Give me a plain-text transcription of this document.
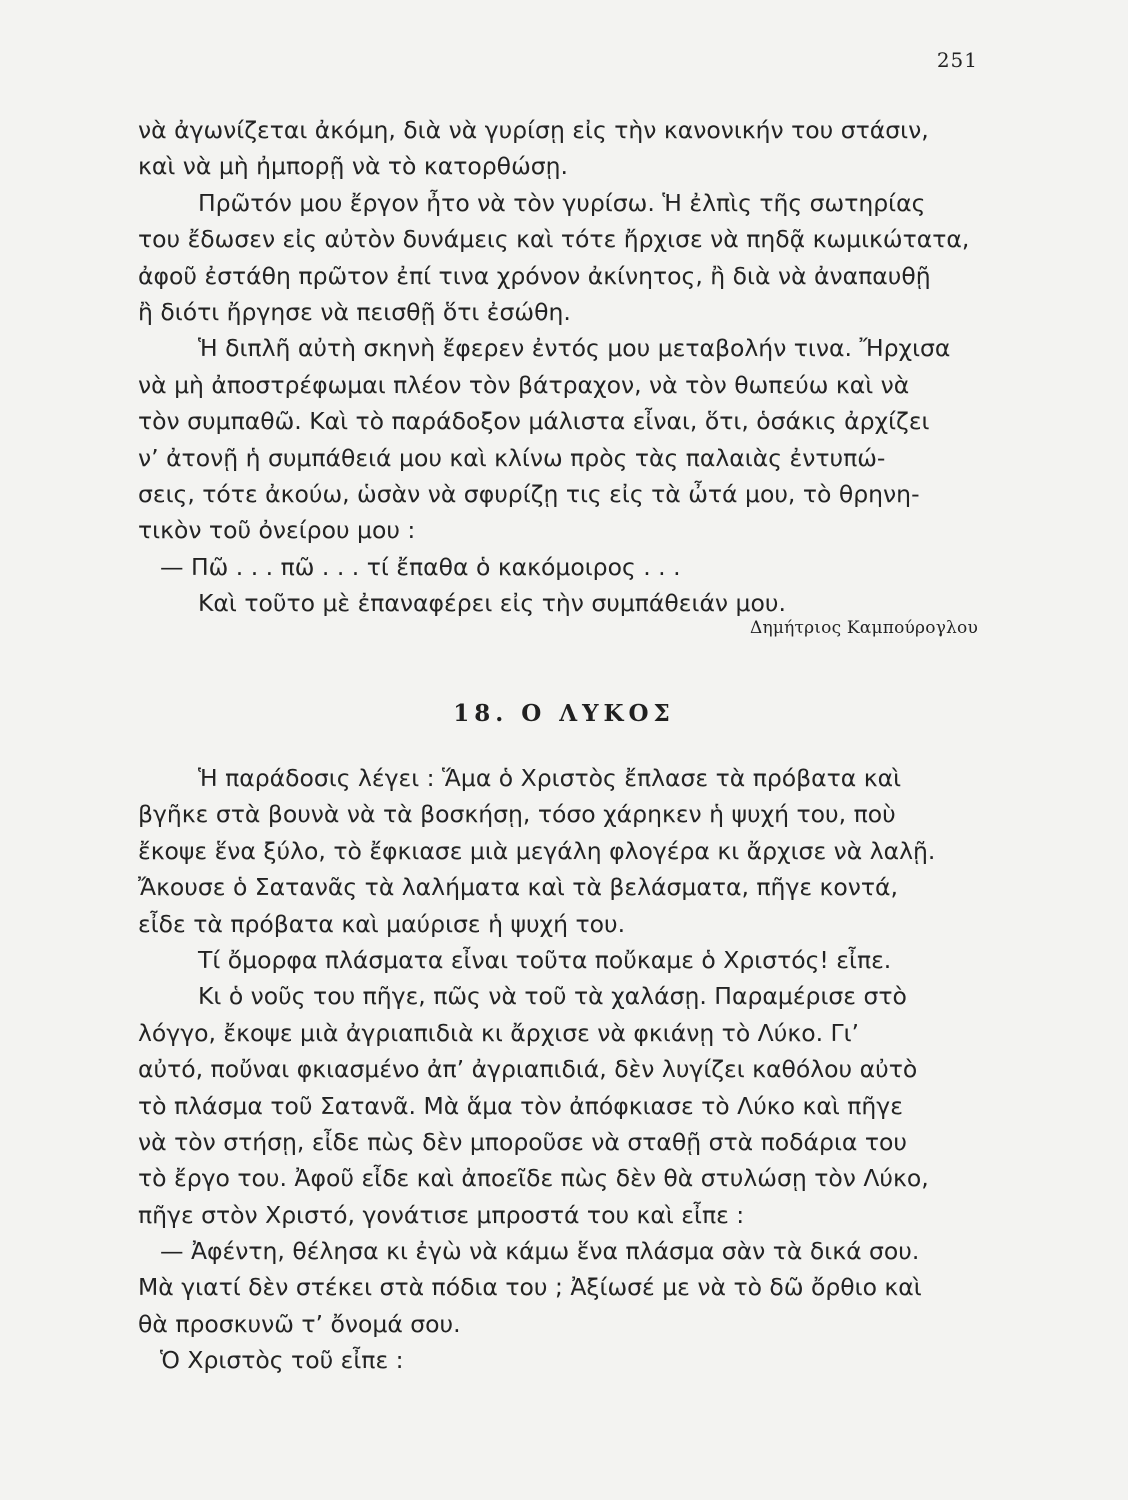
251
νὰ ἀγωνίζεται ἀκόμη, διὰ νὰ γυρίσῃ εἰς τὴν κανονικήν του στάσιν,
καὶ νὰ μὴ ἠμπορῇ νὰ τὸ κατορθώσῃ.
Πρῶτόν μου ἔργον ἦτο νὰ τὸν γυρίσω. Ἡ ἐλπὶς τῆς σωτηρίας
του ἔδωσεν εἰς αὐτὸν δυνάμεις καὶ τότε ἤρχισε νὰ πηδᾷ κωμικώτατα,
ἀφοῦ ἐστάθη πρῶτον ἐπί τινα χρόνον ἀκίνητος, ἢ διὰ νὰ ἀναπαυθῇ
ἢ διότι ἤργησε νὰ πεισθῇ ὅτι ἐσώθη.
Ἡ διπλῆ αὐτὴ σκηνὴ ἔφερεν ἐντός μου μεταβολήν τινα. Ἤρχισα
νὰ μὴ ἀποστρέφωμαι πλέον τὸν βάτραχον, νὰ τὸν θωπεύω καὶ νὰ
τὸν συμπαθῶ. Καὶ τὸ παράδοξον μάλιστα εἶναι, ὅτι, ὁσάκις ἀρχίζει
ν’ ἀτονῇ ἡ συμπάθειά μου καὶ κλίνω πρὸς τὰς παλαιὰς ἐντυπώ-
σεις, τότε ἀκούω, ὡσὰν νὰ σφυρίζῃ τις εἰς τὰ ὦτά μου, τὸ θρηνη-
τικὸν τοῦ ὀνείρου μου :
— Πῶ . . . πῶ . . . τί ἔπαθα ὁ κακόμοιρος . . .
Καὶ τοῦτο μὲ ἐπαναφέρει εἰς τὴν συμπάθειάν μου.
Δημήτριος Καμπούρογλου
18. Ο ΛΥΚΟΣ
Ἡ παράδοσις λέγει : Ἅμα ὁ Χριστὸς ἔπλασε τὰ πρόβατα καὶ
βγῆκε στὰ βουνὰ νὰ τὰ βοσκήσῃ, τόσο χάρηκεν ἡ ψυχή του, ποὺ
ἔκοψε ἕνα ξύλο, τὸ ἔφκιασε μιὰ μεγάλη φλογέρα κι ἄρχισε νὰ λαλῇ.
Ἄκουσε ὁ Σατανᾶς τὰ λαλήματα καὶ τὰ βελάσματα, πῆγε κοντά,
εἶδε τὰ πρόβατα καὶ μαύρισε ἡ ψυχή του.
Τί ὄμορφα πλάσματα εἶναι τοῦτα ποὔκαμε ὁ Χριστός! εἶπε.
Κι ὁ νοῦς του πῆγε, πῶς νὰ τοῦ τὰ χαλάσῃ. Παραμέρισε στὸ
λόγγο, ἔκοψε μιὰ ἀγριαπιδιὰ κι ἄρχισε νὰ φκιάνῃ τὸ Λύκο. Γι’
αὐτό, ποὔναι φκιασμένο ἀπ’ ἀγριαπιδιά, δὲν λυγίζει καθόλου αὐτὸ
τὸ πλάσμα τοῦ Σατανᾶ. Μὰ ἅμα τὸν ἀπόφκιασε τὸ Λύκο καὶ πῆγε
νὰ τὸν στήσῃ, εἶδε πὼς δὲν μποροῦσε νὰ σταθῇ στὰ ποδάρια του
τὸ ἔργο του. Ἀφοῦ εἶδε καὶ ἀποεῖδε πὼς δὲν θὰ στυλώσῃ τὸν Λύκο,
πῆγε στὸν Χριστό, γονάτισε μπροστά του καὶ εἶπε :
— Ἀφέντη, θέλησα κι ἐγὼ νὰ κάμω ἕνα πλάσμα σὰν τὰ δικά σου.
Μὰ γιατί δὲν στέκει στὰ πόδια του ; Ἀξίωσέ με νὰ τὸ δῶ ὄρθιο καὶ
θὰ προσκυνῶ τ’ ὄνομά σου.
Ὁ Χριστὸς τοῦ εἶπε :
